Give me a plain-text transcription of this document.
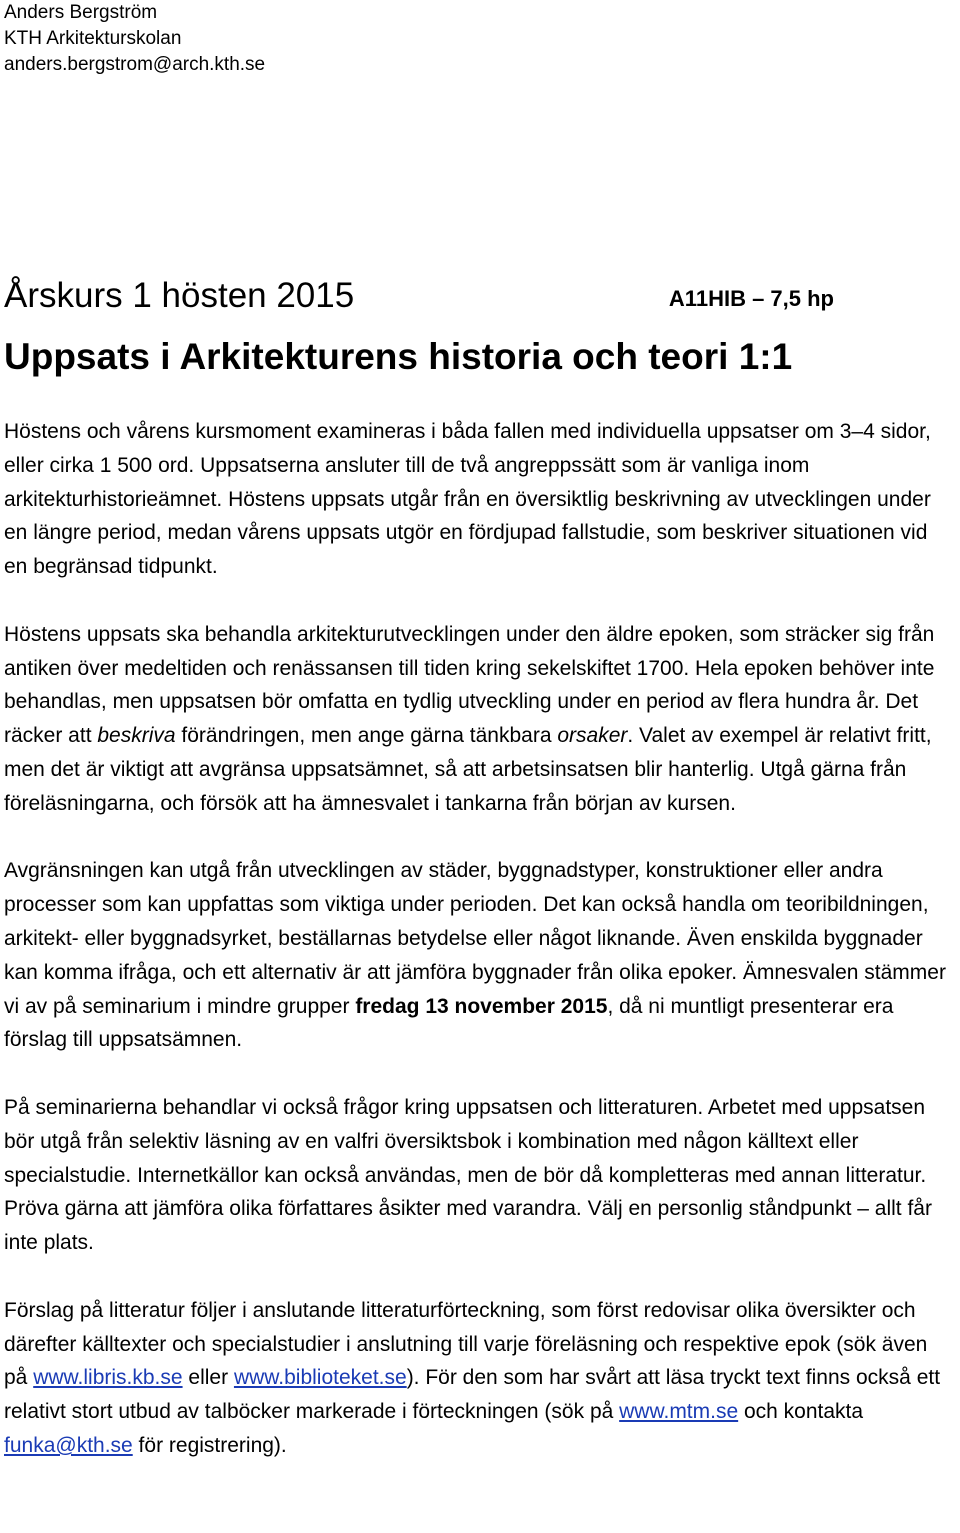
Anders Bergström
KTH Arkitekturskolan
anders.bergstrom@arch.kth.se
Årskurs 1 hösten 2015	A11HIB – 7,5 hp
Uppsats i Arkitekturens historia och teori 1:1

Höstens och vårens kursmoment examineras i båda fallen med individuella uppsatser om 3–4 sidor, eller cirka 1 500 ord. Uppsatserna ansluter till de två angreppssätt som är vanliga inom arkitekturhistorieämnet. Höstens uppsats utgår från en översiktlig beskrivning av utvecklingen under en längre period, medan vårens uppsats utgör en fördjupad fallstudie, som beskriver situationen vid en begränsad tidpunkt.

Höstens uppsats ska behandla arkitekturutvecklingen under den äldre epoken, som sträcker sig från antiken över medeltiden och renässansen till tiden kring sekelskiftet 1700. Hela epoken behöver inte behandlas, men uppsatsen bör omfatta en tydlig utveckling under en period av flera hundra år. Det räcker att beskriva förändringen, men ange gärna tänkbara orsaker. Valet av exempel är relativt fritt, men det är viktigt att avgränsa uppsatsämnet, så att arbetsinsatsen blir hanterlig. Utgå gärna från föreläsningarna, och försök att ha ämnesvalet i tankarna från början av kursen.

Avgränsningen kan utgå från utvecklingen av städer, byggnadstyper, konstruktioner eller andra processer som kan uppfattas som viktiga under perioden. Det kan också handla om teoribildningen, arkitekt- eller byggnadsyrket, beställarnas betydelse eller något liknande. Även enskilda byggnader kan komma ifråga, och ett alternativ är att jämföra byggnader från olika epoker. Ämnesvalen stämmer vi av på seminarium i mindre grupper fredag 13 november 2015, då ni muntligt presenterar era förslag till uppsatsämnen.

På seminarierna behandlar vi också frågor kring uppsatsen och litteraturen. Arbetet med uppsatsen bör utgå från selektiv läsning av en valfri översiktsbok i kombination med någon källtext eller specialstudie. Internetkällor kan också användas, men de bör då kompletteras med annan litteratur. Pröva gärna att jämföra olika författares åsikter med varandra. Välj en personlig ståndpunkt – allt får inte plats.

Förslag på litteratur följer i anslutande litteraturförteckning, som först redovisar olika översikter och därefter källtexter och specialstudier i anslutning till varje föreläsning och respektive epok (sök även på www.libris.kb.se eller www.biblioteket.se). För den som har svårt att läsa tryckt text finns också ett relativt stort utbud av talböcker markerade i förteckningen (sök på www.mtm.se och kontakta funka@kth.se för registrering).
